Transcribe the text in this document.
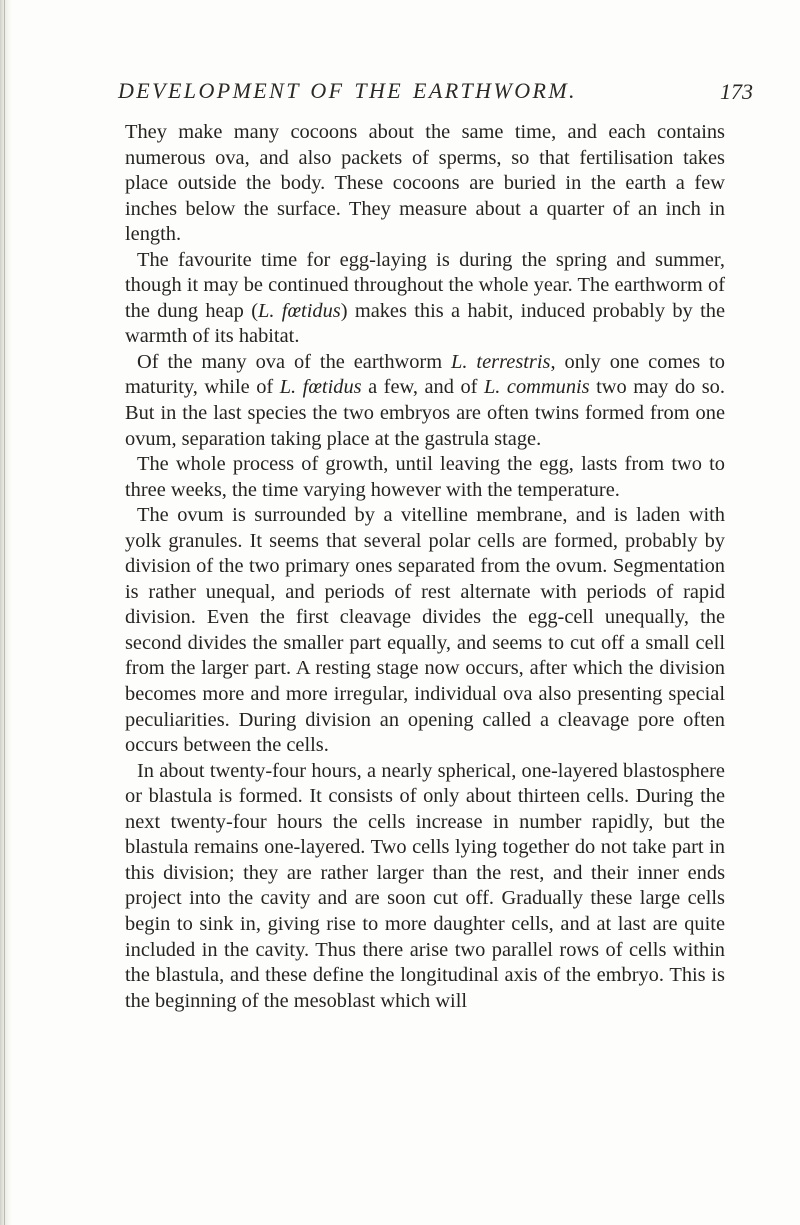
DEVELOPMENT OF THE EARTHWORM.	173

They make many cocoons about the same time, and each contains numerous ova, and also packets of sperms, so that fertilisation takes place outside the body. These cocoons are buried in the earth a few inches below the surface. They measure about a quarter of an inch in length.

The favourite time for egg-laying is during the spring and summer, though it may be continued throughout the whole year. The earthworm of the dung heap (L. fœtidus) makes this a habit, induced probably by the warmth of its habitat.

Of the many ova of the earthworm L. terrestris, only one comes to maturity, while of L. fœtidus a few, and of L. communis two may do so. But in the last species the two embryos are often twins formed from one ovum, separation taking place at the gastrula stage.

The whole process of growth, until leaving the egg, lasts from two to three weeks, the time varying however with the temperature.

The ovum is surrounded by a vitelline membrane, and is laden with yolk granules. It seems that several polar cells are formed, probably by division of the two primary ones separated from the ovum. Segmentation is rather unequal, and periods of rest alternate with periods of rapid division. Even the first cleavage divides the egg-cell unequally, the second divides the smaller part equally, and seems to cut off a small cell from the larger part. A resting stage now occurs, after which the division becomes more and more irregular, individual ova also presenting special peculiarities. During division an opening called a cleavage pore often occurs between the cells.

In about twenty-four hours, a nearly spherical, one-layered blastosphere or blastula is formed. It consists of only about thirteen cells. During the next twenty-four hours the cells increase in number rapidly, but the blastula remains one-layered. Two cells lying together do not take part in this division; they are rather larger than the rest, and their inner ends project into the cavity and are soon cut off. Gradually these large cells begin to sink in, giving rise to more daughter cells, and at last are quite included in the cavity. Thus there arise two parallel rows of cells within the blastula, and these define the longitudinal axis of the embryo. This is the beginning of the mesoblast which will
